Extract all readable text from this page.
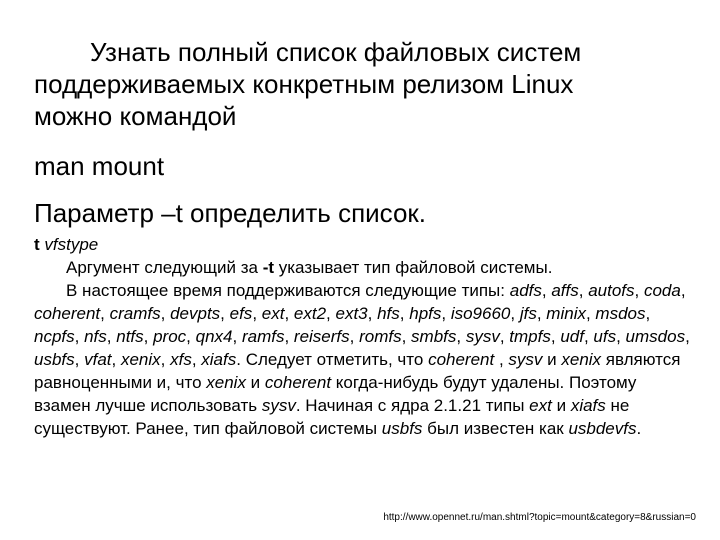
Узнать полный список файловых систем
поддерживаемых конкретным релизом Linux
можно командой

man mount

Параметр –t определить список.

t vfstype

Аргумент следующий за -t указывает тип файловой системы.

В настоящее время поддерживаются следующие типы: adfs, affs, autofs, coda, coherent, cramfs, devpts, efs, ext, ext2, ext3, hfs, hpfs, iso9660, jfs, minix, msdos, ncpfs, nfs, ntfs, proc, qnx4, ramfs, reiserfs, romfs, smbfs, sysv, tmpfs, udf, ufs, umsdos, usbfs, vfat, xenix, xfs, xiafs. Следует отметить, что coherent , sysv и xenix являются равноценными и, что xenix и coherent когда-нибудь будут удалены. Поэтому взамен лучше использовать sysv. Начиная с ядра 2.1.21 типы ext и xiafs не существуют. Ранее, тип файловой системы usbfs был известен как usbdevfs.

http://www.opennet.ru/man.shtml?topic=mount&category=8&russian=0
